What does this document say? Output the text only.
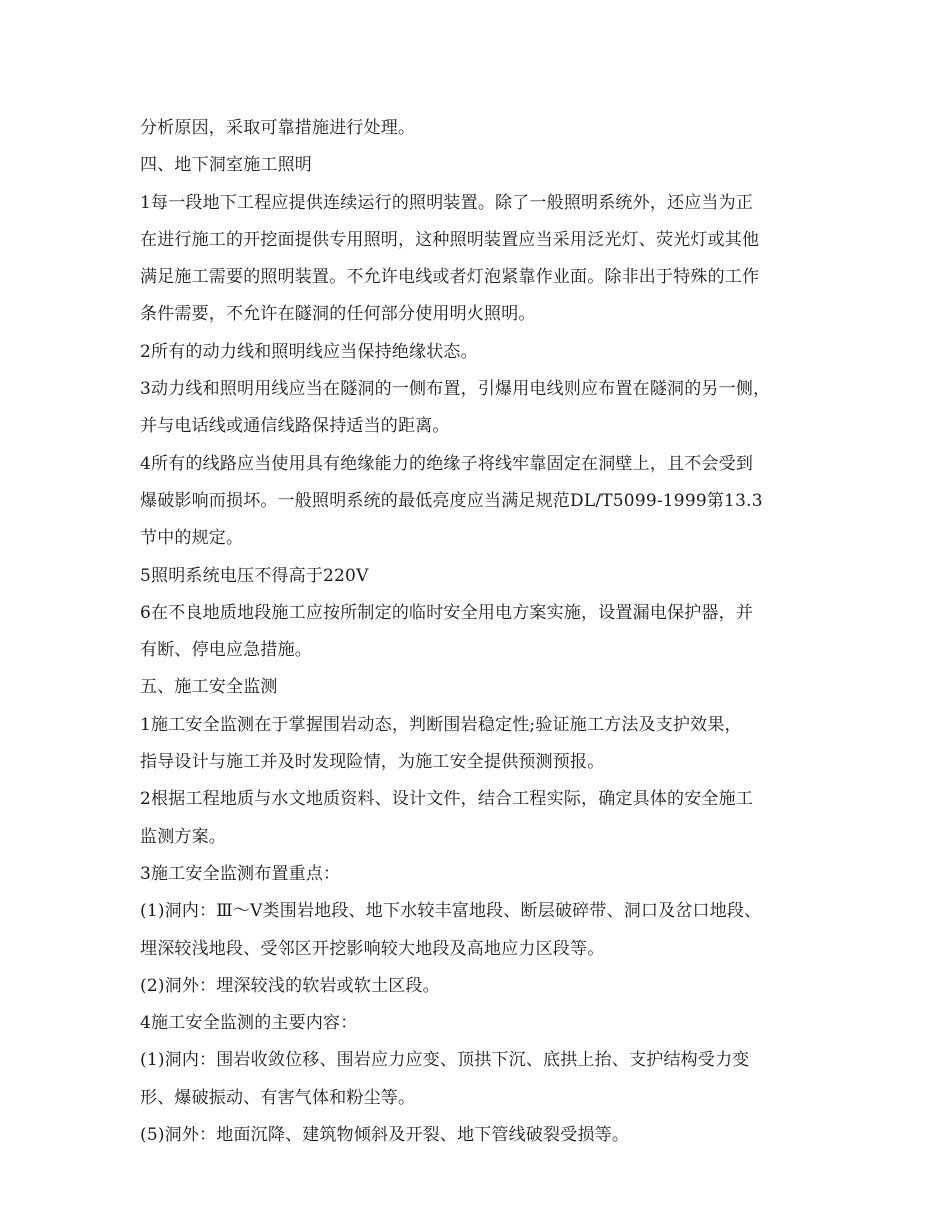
分析原因，采取可靠措施进行处理。
四、地下洞室施工照明
1每一段地下工程应提供连续运行的照明装置。除了一般照明系统外，还应当为正
在进行施工的开挖面提供专用照明，这种照明装置应当采用泛光灯、荧光灯或其他
满足施工需要的照明装置。不允许电线或者灯泡紧靠作业面。除非出于特殊的工作
条件需要，不允许在隧洞的任何部分使用明火照明。
2所有的动力线和照明线应当保持绝缘状态。
3动力线和照明用线应当在隧洞的一侧布置，引爆用电线则应布置在隧洞的另一侧，
并与电话线或通信线路保持适当的距离。
4所有的线路应当使用具有绝缘能力的绝缘子将线牢靠固定在洞壁上，且不会受到
爆破影响而损坏。一般照明系统的最低亮度应当满足规范DL/T5099-1999第13.3
节中的规定。
5照明系统电压不得高于220V
6在不良地质地段施工应按所制定的临时安全用电方案实施，设置漏电保护器，并
有断、停电应急措施。
五、施工安全监测
1施工安全监测在于掌握围岩动态，判断围岩稳定性;验证施工方法及支护效果，
指导设计与施工并及时发现险情，为施工安全提供预测预报。
2根据工程地质与水文地质资料、设计文件，结合工程实际，确定具体的安全施工
监测方案。
3施工安全监测布置重点：
(1)洞内：Ⅲ～Ⅴ类围岩地段、地下水较丰富地段、断层破碎带、洞口及岔口地段、
埋深较浅地段、受邻区开挖影响较大地段及高地应力区段等。
(2)洞外：埋深较浅的软岩或软土区段。
4施工安全监测的主要内容：
(1)洞内：围岩收敛位移、围岩应力应变、顶拱下沉、底拱上抬、支护结构受力变
形、爆破振动、有害气体和粉尘等。
(5)洞外：地面沉降、建筑物倾斜及开裂、地下管线破裂受损等。
